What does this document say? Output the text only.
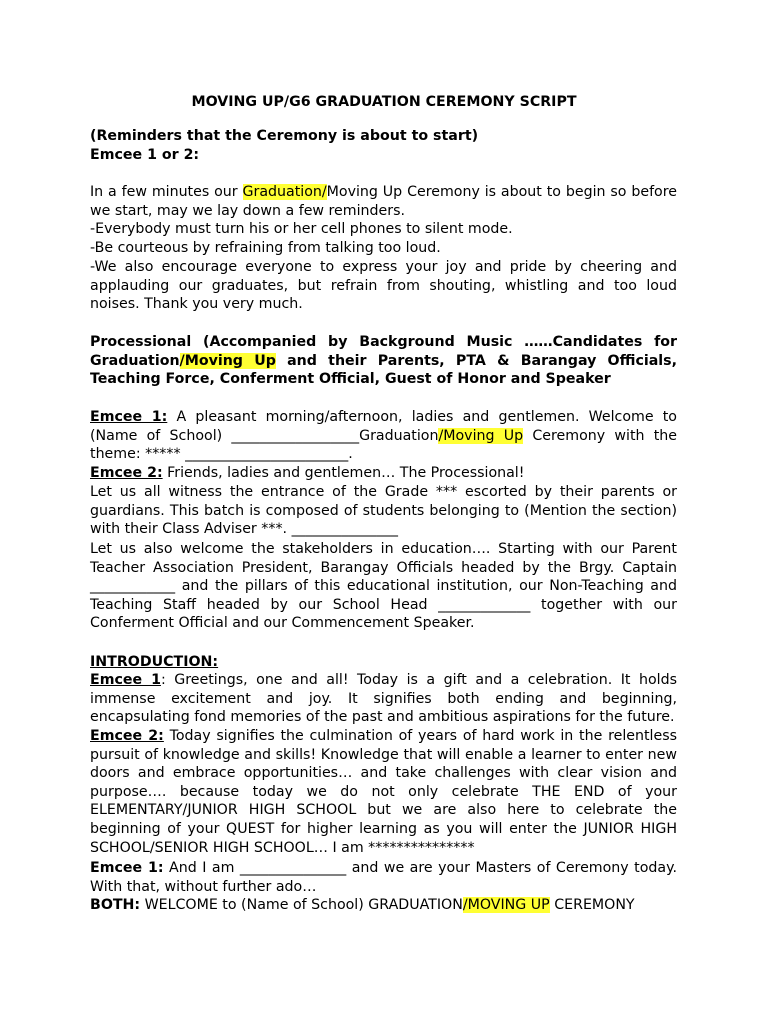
MOVING UP/G6 GRADUATION CEREMONY SCRIPT

(Reminders that the Ceremony is about to start)

Emcee 1 or 2:

In a few minutes our Graduation/Moving Up Ceremony is about to begin so before we start, may we lay down a few reminders.

-Everybody must turn his or her cell phones to silent mode.

-Be courteous by refraining from talking too loud.

-We also encourage everyone to express your joy and pride by cheering and applauding our graduates, but refrain from shouting, whistling and too loud noises. Thank you very much.

Processional (Accompanied by Background Music ……Candidates for Graduation/Moving Up and their Parents, PTA & Barangay Officials, Teaching Force, Conferment Official, Guest of Honor and Speaker

Emcee 1: A pleasant morning/afternoon, ladies and gentlemen. Welcome to (Name of School) __________________Graduation/Moving Up Ceremony with the theme: ***** _______________________.

Emcee 2: Friends, ladies and gentlemen… The Processional!

Let us all witness the entrance of the Grade *** escorted by their parents or guardians. This batch is composed of students belonging to (Mention the section) with their Class Adviser ***. _______________

Let us also welcome the stakeholders in education…. Starting with our Parent Teacher Association President, Barangay Officials headed by the Brgy. Captain ____________ and the pillars of this educational institution, our Non-Teaching and Teaching Staff headed by our School Head _____________ together with our Conferment Official and our Commencement Speaker.

INTRODUCTION:

Emcee 1: Greetings, one and all! Today is a gift and a celebration. It holds immense excitement and joy. It signifies both ending and beginning, encapsulating fond memories of the past and ambitious aspirations for the future.

Emcee 2: Today signifies the culmination of years of hard work in the relentless pursuit of knowledge and skills! Knowledge that will enable a learner to enter new doors and embrace opportunities… and take challenges with clear vision and purpose…. because today we do not only celebrate THE END of your ELEMENTARY/JUNIOR HIGH SCHOOL but we are also here to celebrate the beginning of your QUEST for higher learning as you will enter the JUNIOR HIGH SCHOOL/SENIOR HIGH SCHOOL… I am ***************

Emcee 1: And I am _______________ and we are your Masters of Ceremony today. With that, without further ado…

BOTH: WELCOME to (Name of School) GRADUATION/MOVING UP CEREMONY
